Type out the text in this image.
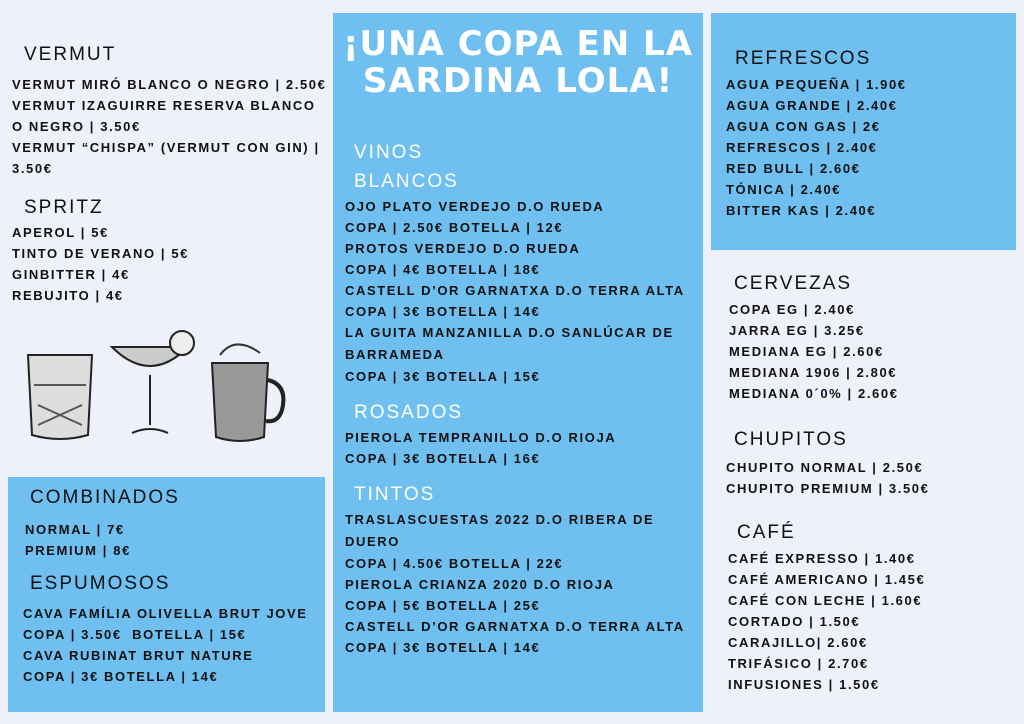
¡UNA COPA EN LA SARDINA LOLA!
VERMUT
VERMUT MIRÓ BLANCO O NEGRO | 2.50€
VERMUT IZAGUIRRE RESERVA BLANCO O NEGRO | 3.50€
VERMUT “CHISPA” (VERMUT CON GIN) | 3.50€
SPRITZ
APEROL | 5€
TINTO DE VERANO | 5€
GINBITTER | 4€
REBUJITO | 4€
COMBINADOS
NORMAL | 7€
PREMIUM | 8€
ESPUMOSOS
CAVA FAMÍLIA OLIVELLA BRUT JOVE
COPA | 3.50€  BOTELLA | 15€
CAVA RUBINAT BRUT NATURE
COPA | 3€ BOTELLA | 14€
VINOS
BLANCOS
OJO PLATO VERDEJO D.O RUEDA
COPA | 2.50€ BOTELLA | 12€
PROTOS VERDEJO D.O RUEDA
COPA | 4€ BOTELLA | 18€
CASTELL D’OR GARNATXA D.O TERRA ALTA
COPA | 3€ BOTELLA | 14€
LA GUITA MANZANILLA D.O SANLÚCAR DE BARRAMEDA
COPA | 3€ BOTELLA | 15€
ROSADOS
PIEROLA TEMPRANILLO D.O RIOJA
COPA | 3€ BOTELLA | 16€
TINTOS
TRASLASCUESTAS 2022 D.O RIBERA DE DUERO
COPA | 4.50€ BOTELLA | 22€
PIEROLA CRIANZA 2020 D.O RIOJA
COPA | 5€ BOTELLA | 25€
CASTELL D’OR GARNATXA D.O TERRA ALTA
COPA | 3€ BOTELLA | 14€
REFRESCOS
AGUA PEQUEÑA | 1.90€
AGUA GRANDE | 2.40€
AGUA CON GAS | 2€
REFRESCOS | 2.40€
RED BULL | 2.60€
TÓNICA | 2.40€
BITTER KAS | 2.40€
CERVEZAS
COPA EG | 2.40€
JARRA EG | 3.25€
MEDIANA EG | 2.60€
MEDIANA 1906 | 2.80€
MEDIANA 0´0% | 2.60€
CHUPITOS
CHUPITO NORMAL | 2.50€
CHUPITO PREMIUM | 3.50€
CAFÉ
CAFÉ EXPRESSO | 1.40€
CAFÉ AMERICANO | 1.45€
CAFÉ CON LECHE | 1.60€
CORTADO | 1.50€
CARAJILLO| 2.60€
TRIFÁSICO | 2.70€
INFUSIONES | 1.50€
